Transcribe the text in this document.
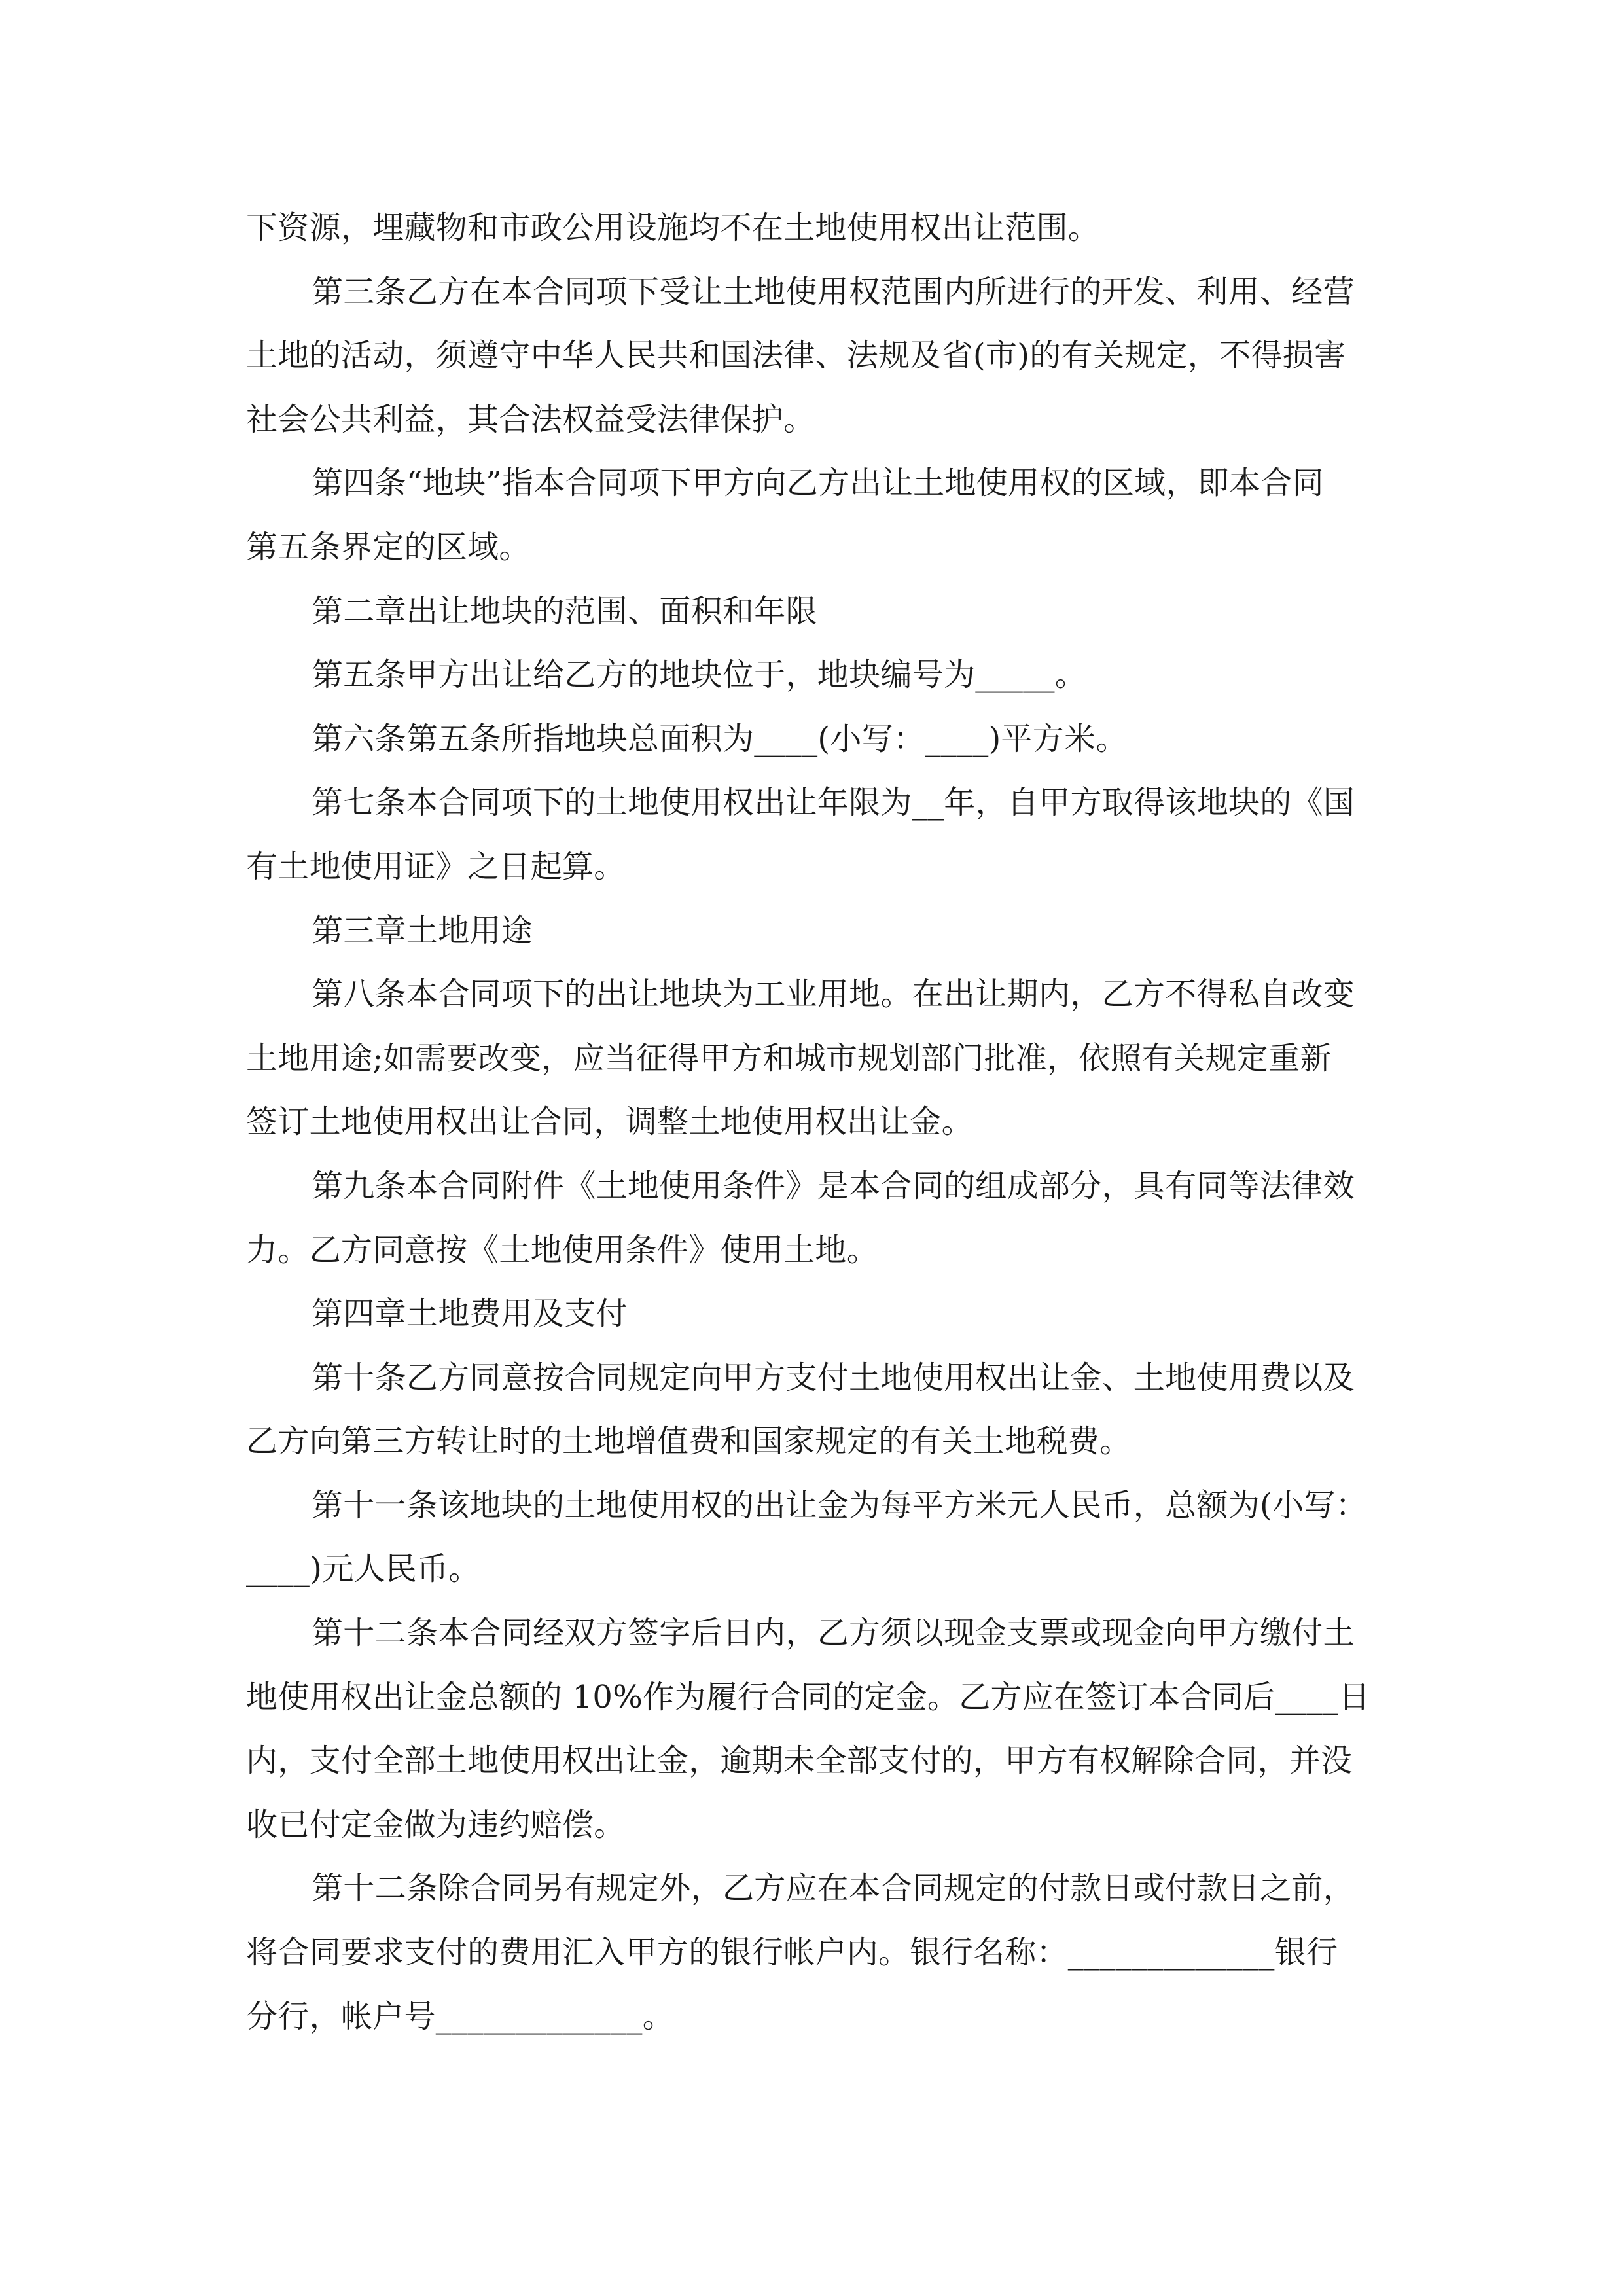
下资源，埋藏物和市政公用设施均不在土地使用权出让范围。

第三条乙方在本合同项下受让土地使用权范围内所进行的开发、利用、经营

土地的活动，须遵守中华人民共和国法律、法规及省(市)的有关规定，不得损害

社会公共利益，其合法权益受法律保护。

第四条“地块”指本合同项下甲方向乙方出让土地使用权的区域，即本合同

第五条界定的区域。

第二章出让地块的范围、面积和年限

第五条甲方出让给乙方的地块位于，地块编号为_____。

第六条第五条所指地块总面积为____(小写：____)平方米。

第七条本合同项下的土地使用权出让年限为__年，自甲方取得该地块的《国

有土地使用证》之日起算。

第三章土地用途

第八条本合同项下的出让地块为工业用地。在出让期内，乙方不得私自改变

土地用途;如需要改变，应当征得甲方和城市规划部门批准，依照有关规定重新

签订土地使用权出让合同，调整土地使用权出让金。

第九条本合同附件《土地使用条件》是本合同的组成部分，具有同等法律效

力。乙方同意按《土地使用条件》使用土地。

第四章土地费用及支付

第十条乙方同意按合同规定向甲方支付土地使用权出让金、土地使用费以及

乙方向第三方转让时的土地增值费和国家规定的有关土地税费。

第十一条该地块的土地使用权的出让金为每平方米元人民币，总额为(小写：

____)元人民币。

第十二条本合同经双方签字后日内，乙方须以现金支票或现金向甲方缴付土

地使用权出让金总额的 10%作为履行合同的定金。乙方应在签订本合同后____日

内，支付全部土地使用权出让金，逾期未全部支付的，甲方有权解除合同，并没

收已付定金做为违约赔偿。

第十二条除合同另有规定外，乙方应在本合同规定的付款日或付款日之前，

将合同要求支付的费用汇入甲方的银行帐户内。银行名称：_____________银行

分行，帐户号_____________。
